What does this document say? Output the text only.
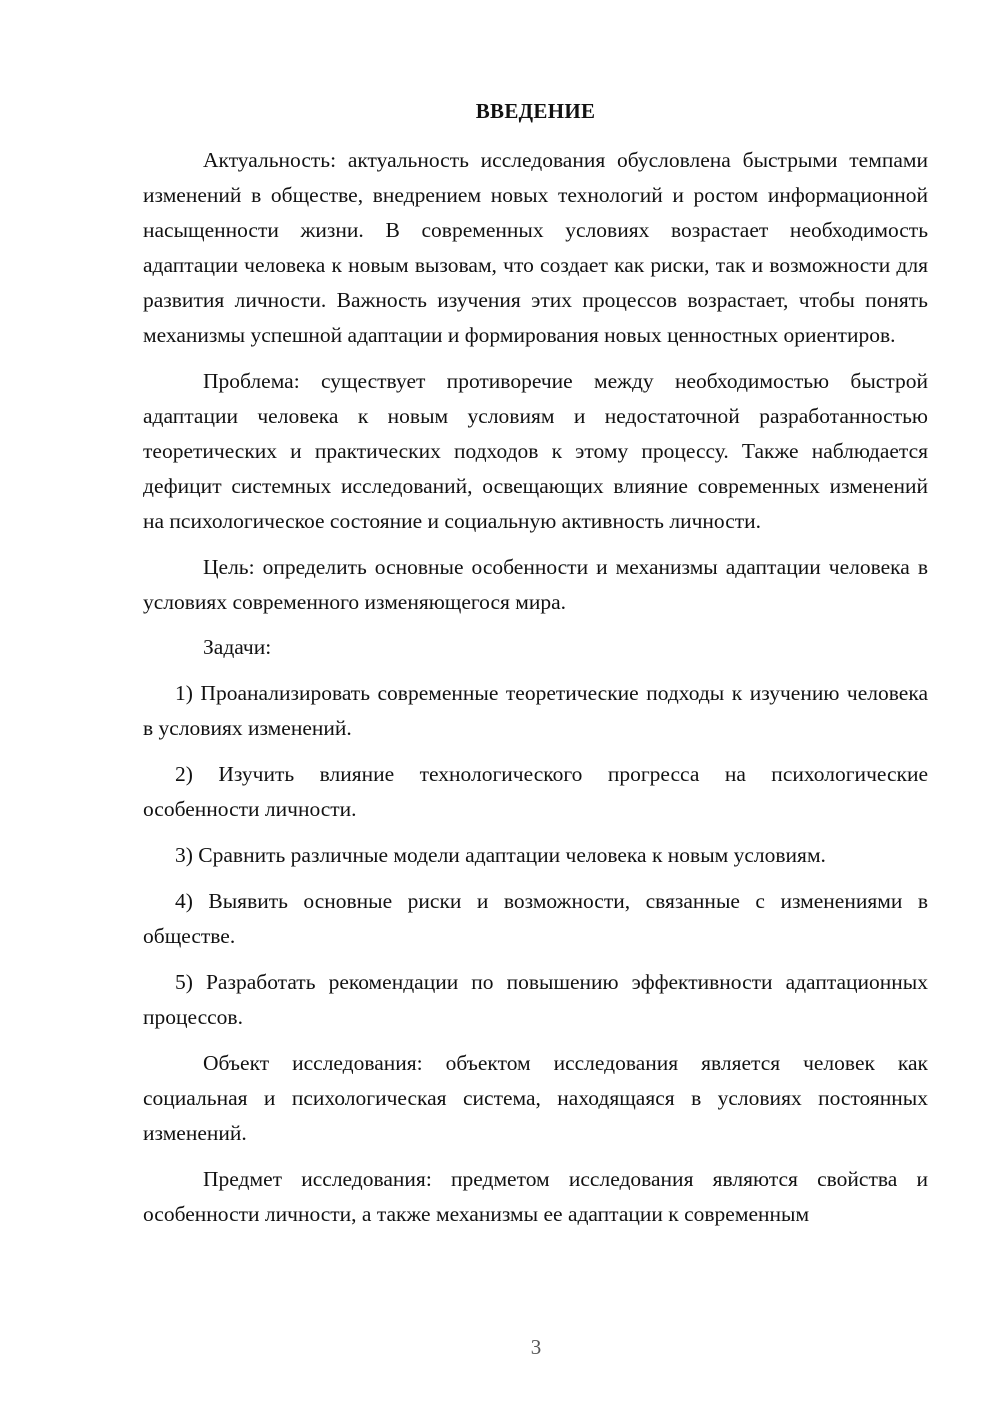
ВВЕДЕНИЕ

Актуальность: актуальность исследования обусловлена быстрыми темпами изменений в обществе, внедрением новых технологий и ростом информационной насыщенности жизни. В современных условиях возрастает необходимость адаптации человека к новым вызовам, что создает как риски, так и возможности для развития личности. Важность изучения этих процессов возрастает, чтобы понять механизмы успешной адаптации и формирования новых ценностных ориентиров.

Проблема: существует противоречие между необходимостью быстрой адаптации человека к новым условиям и недостаточной разработанностью теоретических и практических подходов к этому процессу. Также наблюдается дефицит системных исследований, освещающих влияние современных изменений на психологическое состояние и социальную активность личности.

Цель: определить основные особенности и механизмы адаптации человека в условиях современного изменяющегося мира.

Задачи:

1) Проанализировать современные теоретические подходы к изучению человека в условиях изменений.

2) Изучить влияние технологического прогресса на психологические особенности личности.

3) Сравнить различные модели адаптации человека к новым условиям.

4) Выявить основные риски и возможности, связанные с изменениями в обществе.

5) Разработать рекомендации по повышению эффективности адаптационных процессов.

Объект исследования: объектом исследования является человек как социальная и психологическая система, находящаяся в условиях постоянных изменений.

Предмет исследования: предметом исследования являются свойства и особенности личности, а также механизмы ее адаптации к современным

3
